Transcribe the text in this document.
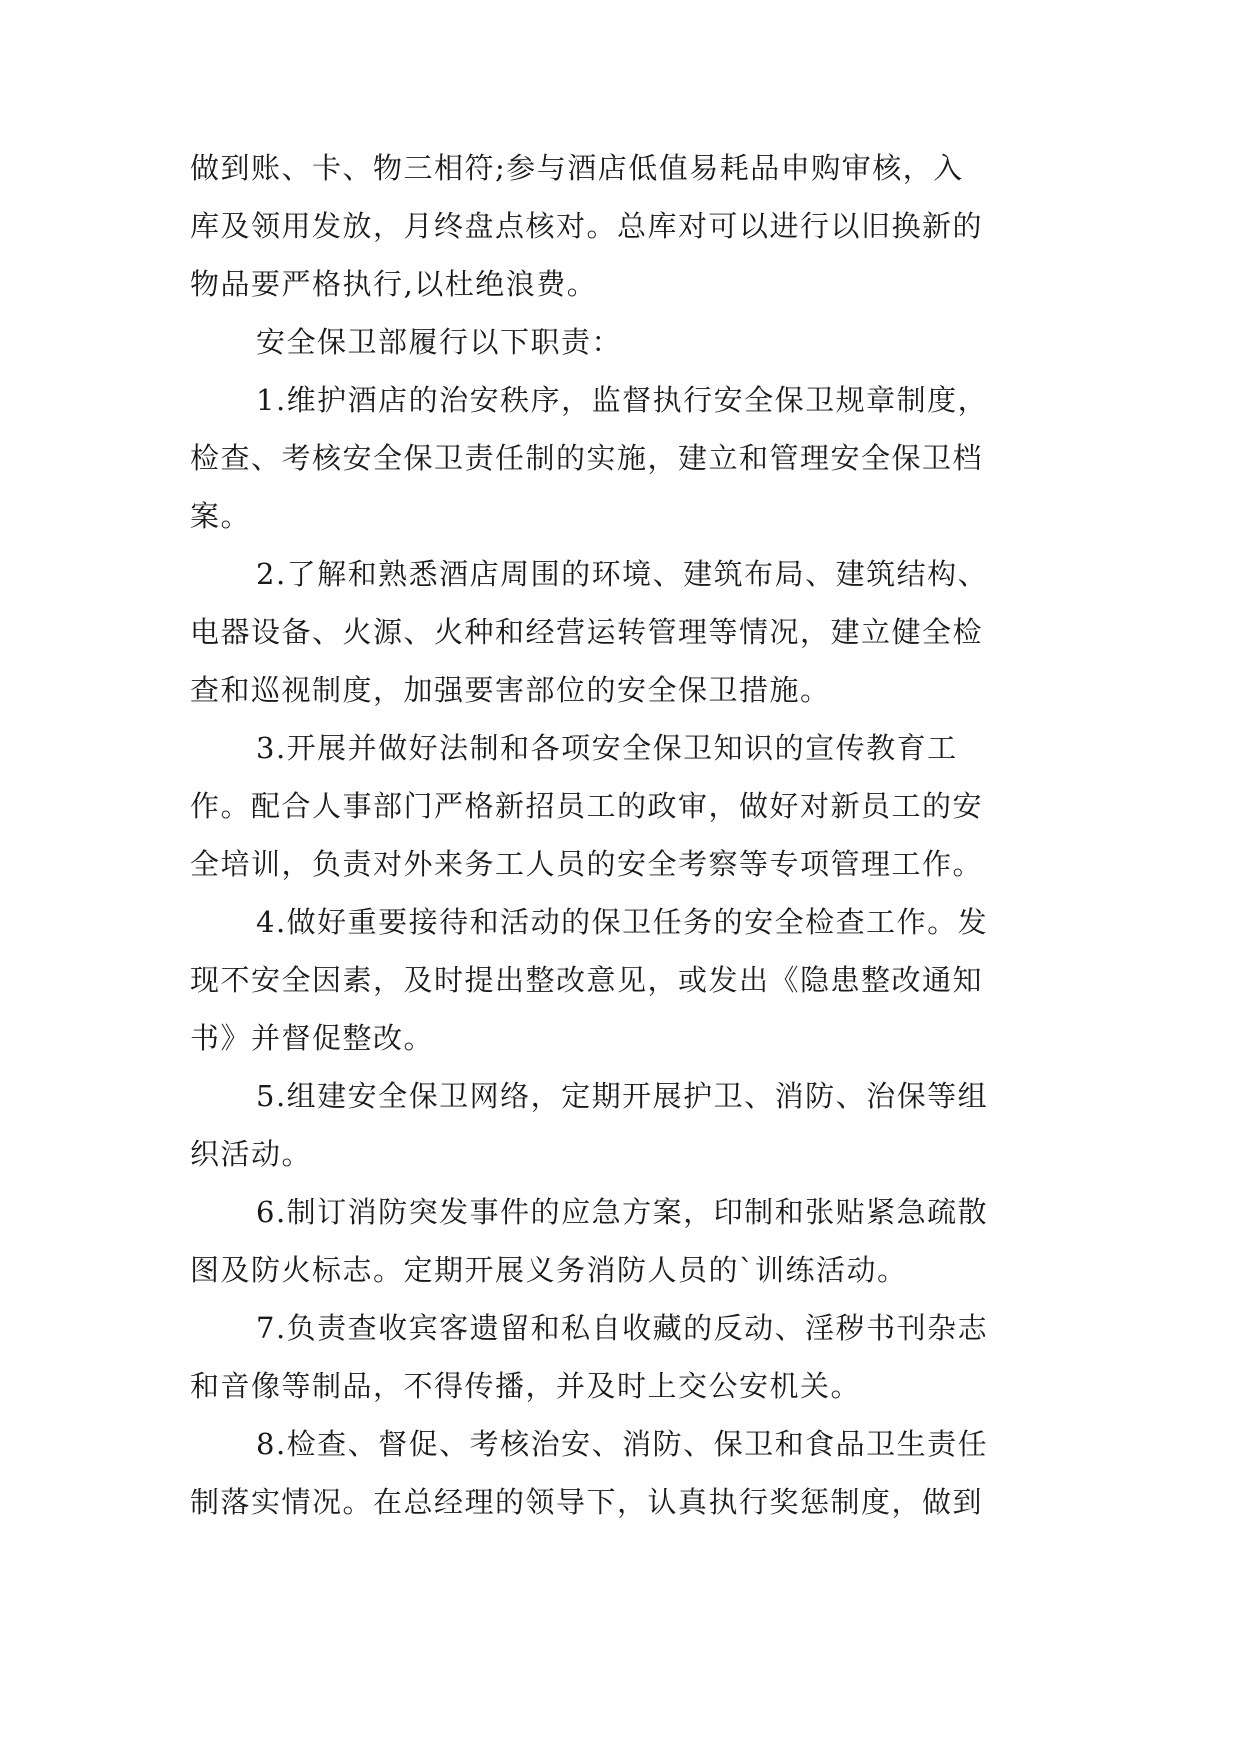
做到账、卡、物三相符;参与酒店低值易耗品申购审核，入
库及领用发放，月终盘点核对。总库对可以进行以旧换新的
物品要严格执行,以杜绝浪费。
安全保卫部履行以下职责：
1.维护酒店的治安秩序，监督执行安全保卫规章制度，
检查、考核安全保卫责任制的实施，建立和管理安全保卫档
案。
2.了解和熟悉酒店周围的环境、建筑布局、建筑结构、
电器设备、火源、火种和经营运转管理等情况，建立健全检
查和巡视制度，加强要害部位的安全保卫措施。
3.开展并做好法制和各项安全保卫知识的宣传教育工
作。配合人事部门严格新招员工的政审，做好对新员工的安
全培训，负责对外来务工人员的安全考察等专项管理工作。
4.做好重要接待和活动的保卫任务的安全检查工作。发
现不安全因素，及时提出整改意见，或发出《隐患整改通知
书》并督促整改。
5.组建安全保卫网络，定期开展护卫、消防、治保等组
织活动。
6.制订消防突发事件的应急方案，印制和张贴紧急疏散
图及防火标志。定期开展义务消防人员的`训练活动。
7.负责查收宾客遗留和私自收藏的反动、淫秽书刊杂志
和音像等制品，不得传播，并及时上交公安机关。
8.检查、督促、考核治安、消防、保卫和食品卫生责任
制落实情况。在总经理的领导下，认真执行奖惩制度，做到
